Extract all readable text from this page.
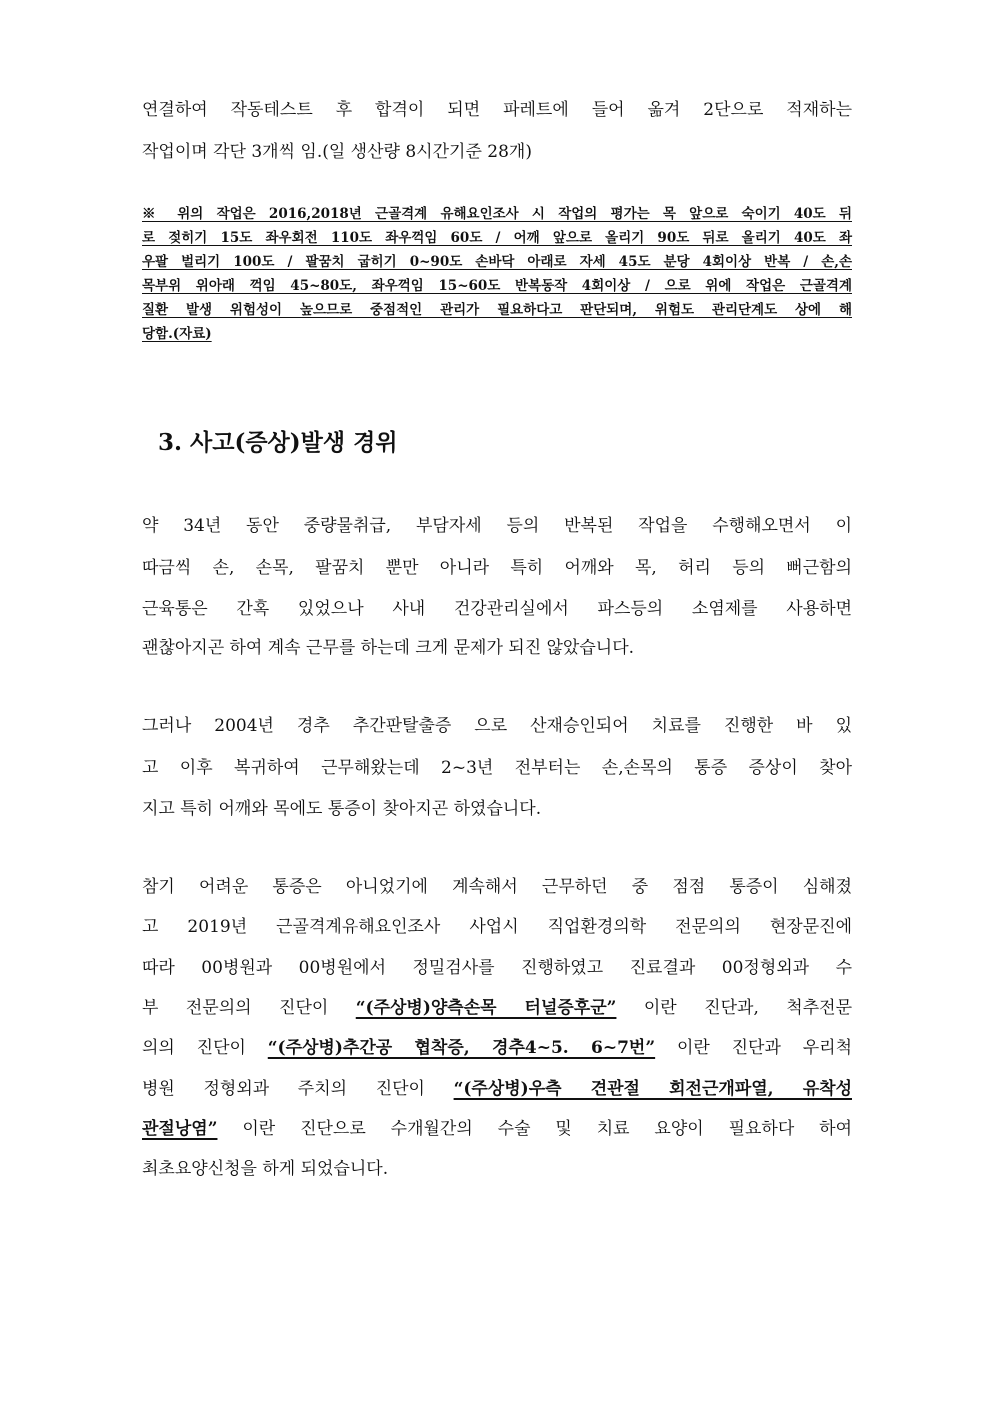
연결하여 작동테스트 후 합격이 되면 파레트에 들어 옮겨 2단으로 적재하는
작업이며 각단 3개씩 임.(일 생산량 8시간기준 28개)
※ 위의 작업은 2016,2018년 근골격계 유해요인조사 시 작업의 평가는 목 앞으로 숙이기 40도 뒤
로 젖히기 15도 좌우회전 110도 좌우꺽임 60도 / 어깨 앞으로 올리기 90도 뒤로 올리기 40도 좌
우팔 벌리기 100도 / 팔꿈치 굽히기 0~90도 손바닥 아래로 자세 45도 분당 4회이상 반복 / 손,손
목부위 위아래 꺽임 45~80도, 좌우꺽임 15~60도 반복동작 4회이상 / 으로 위에 작업은 근골격계
질환 발생 위험성이 높으므로 중점적인 관리가 필요하다고 판단되며, 위험도 관리단계도 상에 해
당함.(자료)
3. 사고(증상)발생 경위
약 34년 동안 중량물취급, 부담자세 등의 반복된 작업을 수행해오면서 이
따금씩 손, 손목, 팔꿈치 뿐만 아니라 특히 어깨와 목, 허리 등의 뻐근함의
근육통은 간혹 있었으나 사내 건강관리실에서 파스등의 소염제를 사용하면
괜찮아지곤 하여 계속 근무를 하는데 크게 문제가 되진 않았습니다.
그러나 2004년 경추 추간판탈출증 으로 산재승인되어 치료를 진행한 바 있
고 이후 복귀하여 근무해왔는데 2~3년 전부터는 손,손목의 통증 증상이 찾아
지고 특히 어깨와 목에도 통증이 찾아지곤 하였습니다.
참기 어려운 통증은 아니었기에 계속해서 근무하던 중 점점 통증이 심해졌
고 2019년 근골격계유해요인조사 사업시 직업환경의학 전문의의 현장문진에
따라 00병원과 00병원에서 정밀검사를 진행하였고 진료결과 00정형외과 수
부 전문의의 진단이 “(주상병)양측손목 터널증후군” 이란 진단과, 척추전문
의의 진단이 “(주상병)추간공 협착증, 경추4~5. 6~7번” 이란 진단과 우리척
병원 정형외과 주치의 진단이 “(주상병)우측 견관절 회전근개파열, 유착성
관절낭염” 이란 진단으로 수개월간의 수술 및 치료 요양이 필요하다 하여
최초요양신청을 하게 되었습니다.
